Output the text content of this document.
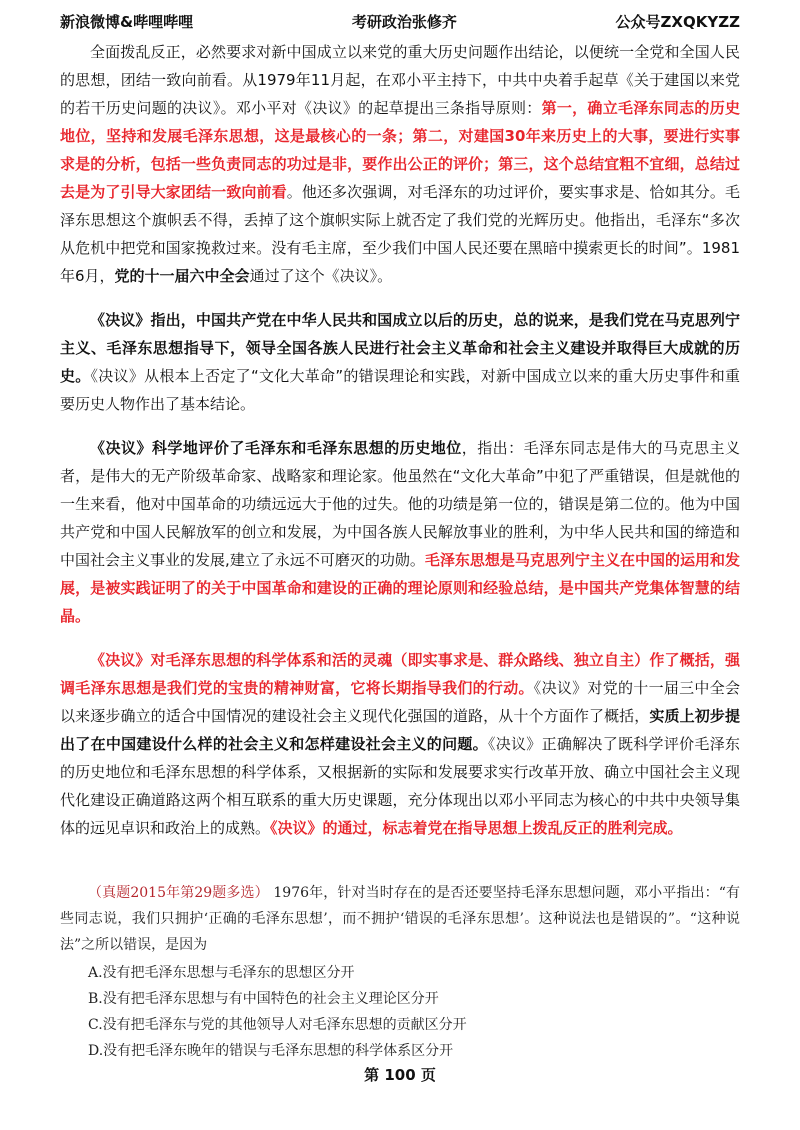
新浪微博&哔哩哔哩	考研政治张修齐	公众号ZXQKYZZ

全面拨乱反正，必然要求对新中国成立以来党的重大历史问题作出结论，以便统一全党和全国人民的思想，团结一致向前看。从1979年11月起，在邓小平主持下，中共中央着手起草《关于建国以来党的若干历史问题的决议》。邓小平对《决议》的起草提出三条指导原则：第一，确立毛泽东同志的历史地位，坚持和发展毛泽东思想，这是最核心的一条；第二，对建国30年来历史上的大事，要进行实事求是的分析，包括一些负责同志的功过是非，要作出公正的评价；第三，这个总结宜粗不宜细，总结过去是为了引导大家团结一致向前看。他还多次强调，对毛泽东的功过评价，要实事求是、恰如其分。毛泽东思想这个旗帜丢不得，丢掉了这个旗帜实际上就否定了我们党的光辉历史。他指出，毛泽东“多次从危机中把党和国家挽救过来。没有毛主席，至少我们中国人民还要在黑暗中摸索更长的时间”。1981年6月，党的十一届六中全会通过了这个《决议》。

《决议》指出，中国共产党在中华人民共和国成立以后的历史，总的说来，是我们党在马克思列宁主义、毛泽东思想指导下，领导全国各族人民进行社会主义革命和社会主义建设并取得巨大成就的历史。《决议》从根本上否定了“文化大革命”的错误理论和实践，对新中国成立以来的重大历史事件和重要历史人物作出了基本结论。

《决议》科学地评价了毛泽东和毛泽东思想的历史地位，指出：毛泽东同志是伟大的马克思主义者，是伟大的无产阶级革命家、战略家和理论家。他虽然在“文化大革命”中犯了严重错误，但是就他的一生来看，他对中国革命的功绩远远大于他的过失。他的功绩是第一位的，错误是第二位的。他为中国共产党和中国人民解放军的创立和发展，为中国各族人民解放事业的胜利，为中华人民共和国的缔造和中国社会主义事业的发展,建立了永远不可磨灭的功勋。毛泽东思想是马克思列宁主义在中国的运用和发展，是被实践证明了的关于中国革命和建设的正确的理论原则和经验总结，是中国共产党集体智慧的结晶。

《决议》对毛泽东思想的科学体系和活的灵魂（即实事求是、群众路线、独立自主）作了概括，强调毛泽东思想是我们党的宝贵的精神财富，它将长期指导我们的行动。《决议》对党的十一届三中全会以来逐步确立的适合中国情况的建设社会主义现代化强国的道路，从十个方面作了概括，实质上初步提出了在中国建设什么样的社会主义和怎样建设社会主义的问题。《决议》正确解决了既科学评价毛泽东的历史地位和毛泽东思想的科学体系，又根据新的实际和发展要求实行改革开放、确立中国社会主义现代化建设正确道路这两个相互联系的重大历史课题，充分体现出以邓小平同志为核心的中共中央领导集体的远见卓识和政治上的成熟。《决议》的通过，标志着党在指导思想上拨乱反正的胜利完成。

（真题2015年第29题多选） 1976年，针对当时存在的是否还要坚持毛泽东思想问题，邓小平指出：“有些同志说，我们只拥护‘正确的毛泽东思想’，而不拥护‘错误的毛泽东思想’。这种说法也是错误的”。“这种说法”之所以错误，是因为

A.没有把毛泽东思想与毛泽东的思想区分开
B.没有把毛泽东思想与有中国特色的社会主义理论区分开
C.没有把毛泽东与党的其他领导人对毛泽东思想的贡献区分开
D.没有把毛泽东晚年的错误与毛泽东思想的科学体系区分开
第 100 页
